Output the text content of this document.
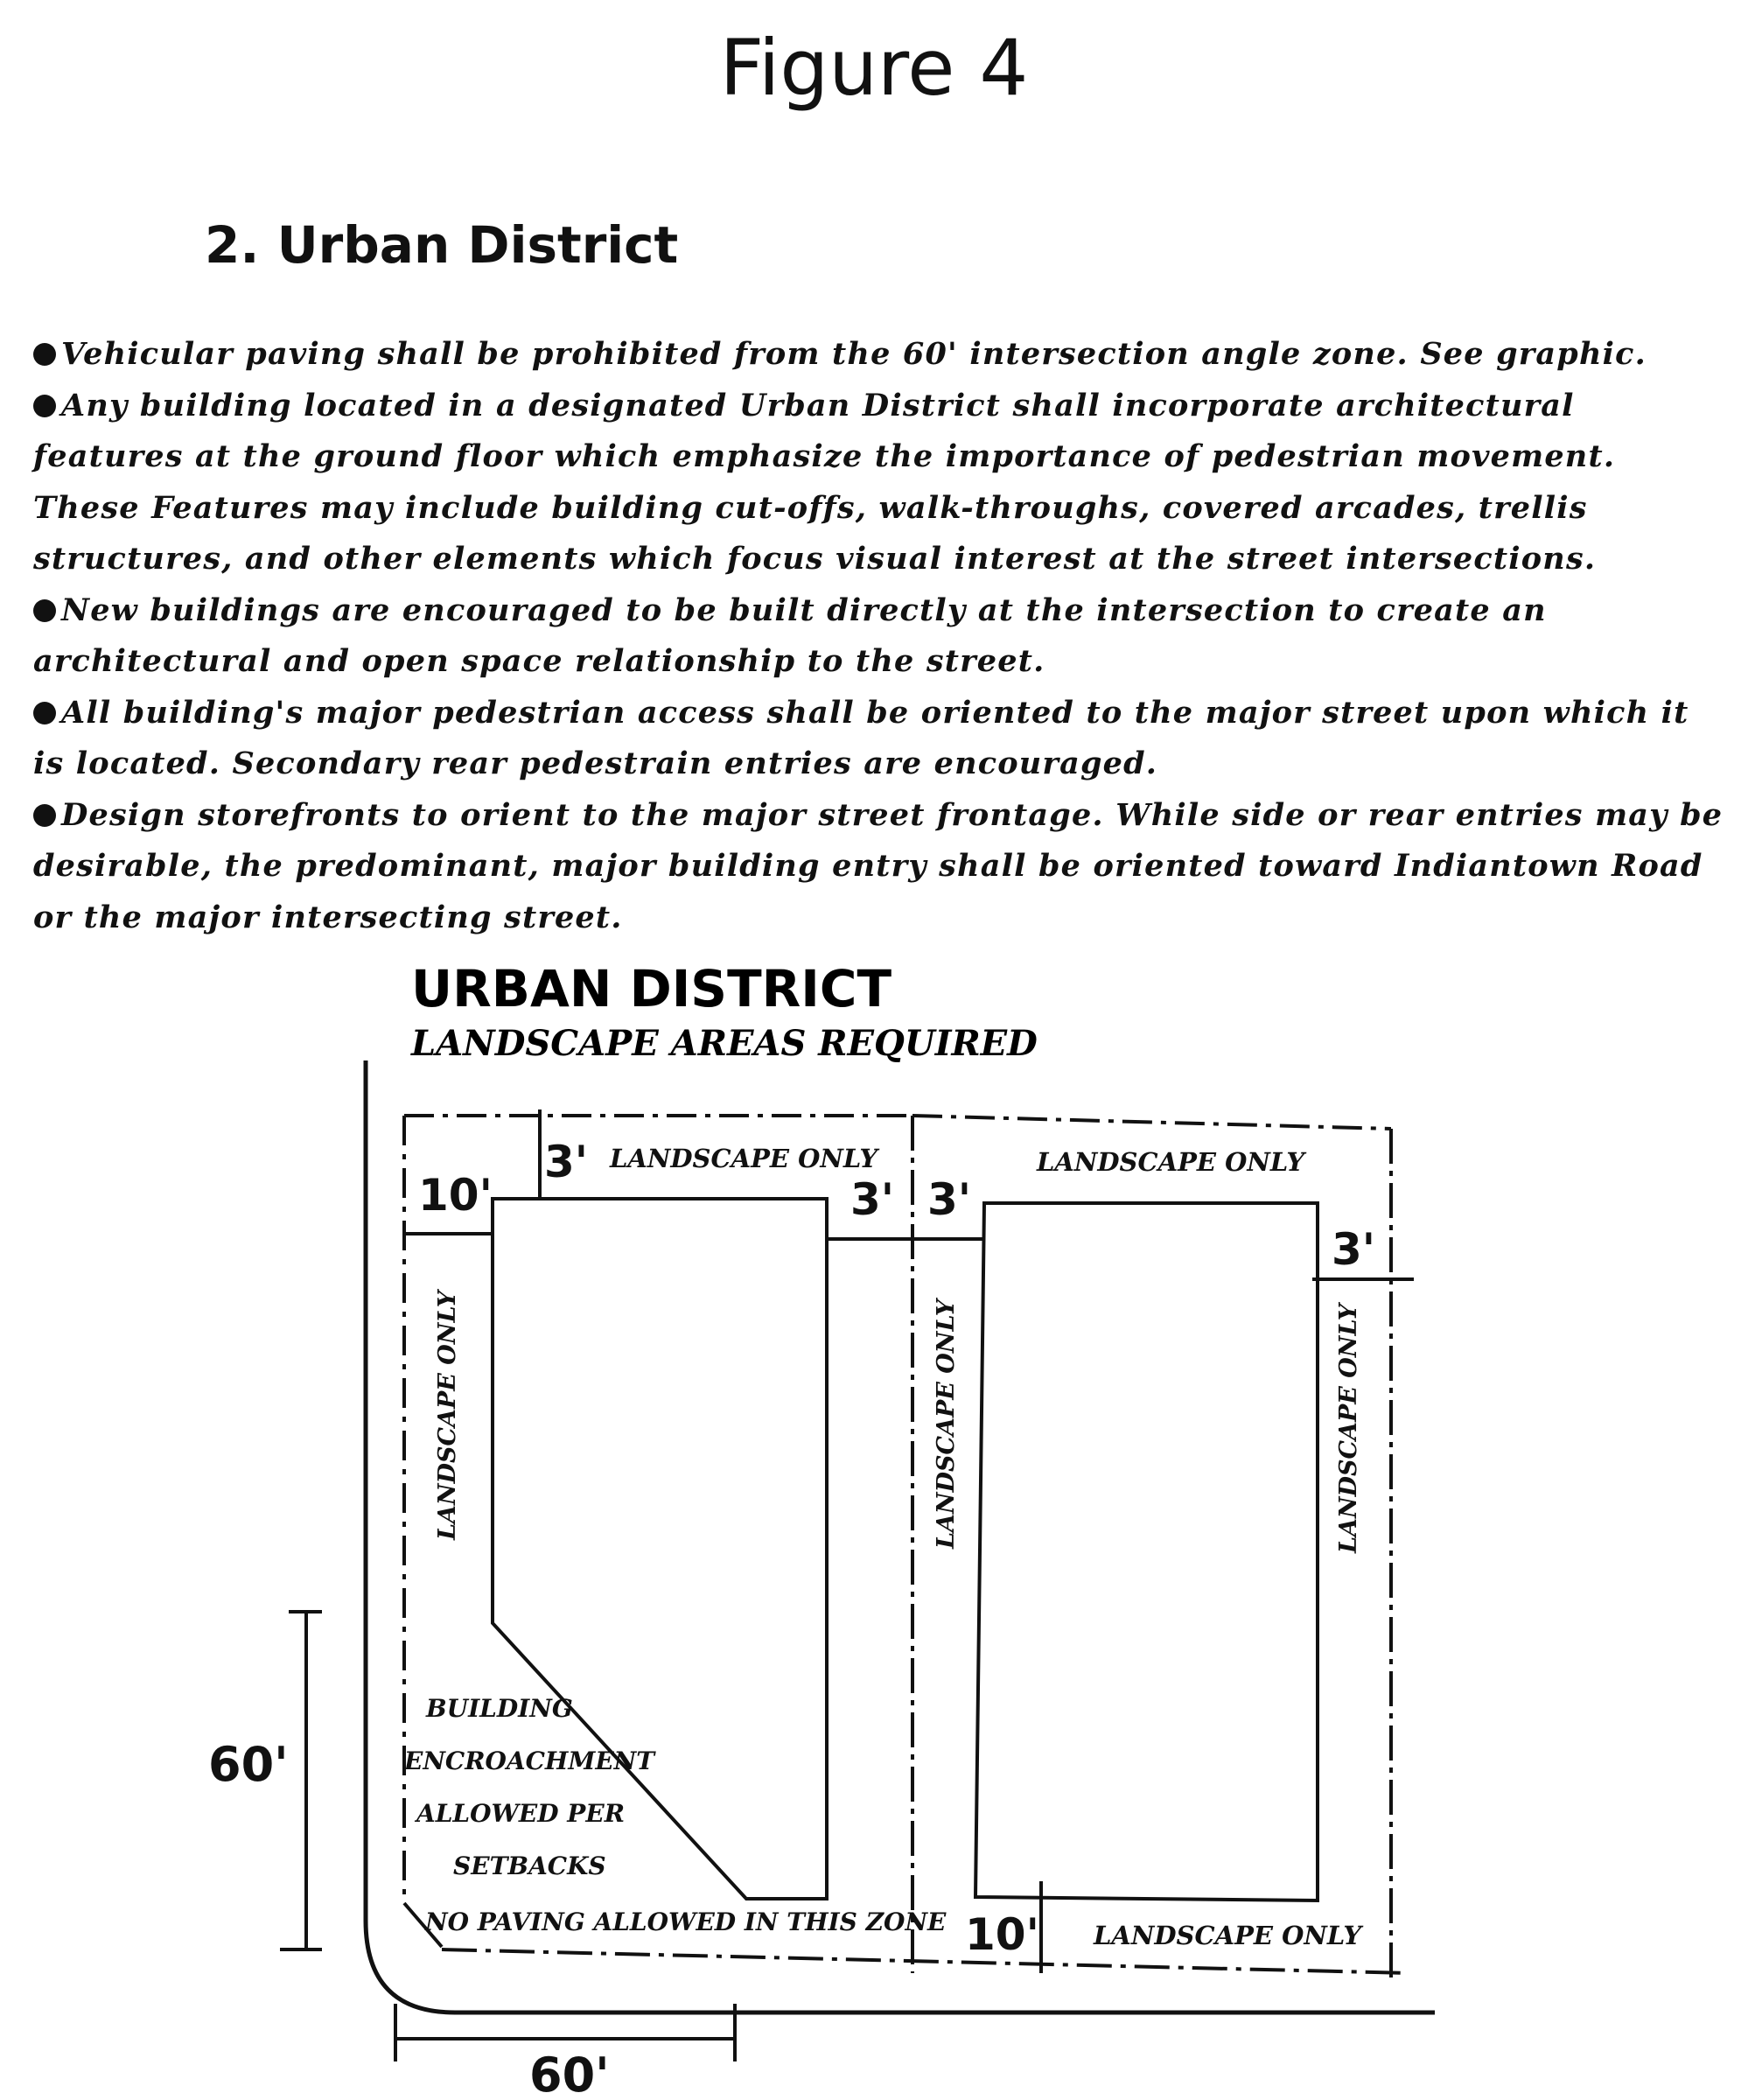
Figure 4
2. Urban District
Vehicular paving shall be prohibited from the 60' intersection angle zone. See graphic.
Any building located in a designated Urban District shall incorporate architectural features at the ground floor which emphasize the importance of pedestrian movement. These Features may include building cut-offs, walk-throughs, covered arcades, trellis structures, and other elements which focus visual interest at the street intersections.
New buildings are encouraged to be built directly at the intersection to create an architectural and open space relationship to the street.
All building's major pedestrian access shall be oriented to the major street upon which it is located. Secondary rear pedestrain entries are encouraged.
Design storefronts to orient to the major street frontage. While side or rear entries may be desirable, the predominant, major building entry shall be oriented toward Indiantown Road or the major intersecting street.
URBAN DISTRICT
LANDSCAPE AREAS REQUIRED
10'
3'
3' 3'
3'
10'
60'
60'
LANDSCAPE ONLY	LANDSCAPE ONLY
LANDSCAPE ONLY	LANDSCAPE ONLY	LANDSCAPE ONLY
LANDSCAPE ONLY
BUILDING
ENCROACHMENT
ALLOWED PER
SETBACKS
NO PAVING ALLOWED IN THIS ZONE
